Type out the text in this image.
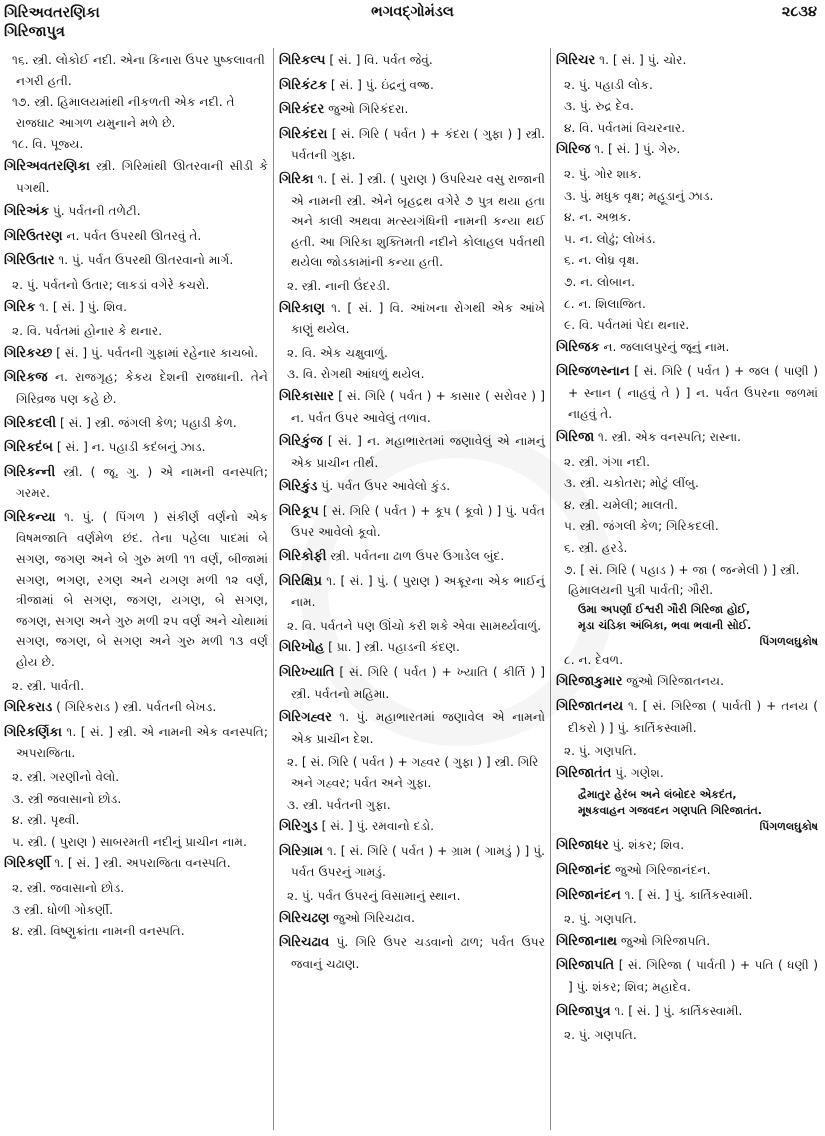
ગિરિઅવતરણિકા
ગિરિજાપુત્ર
ભગવદ્ગોમંડલ	૨૮૩૪
૧૬. સ્ત્રી. લોકોઈ નદી. એના કિનારા ઉપર પુષ્કલાવતી નગરી હતી.
૧૭. સ્ત્રી. હિમાલયમાંથી નીકળતી એક નદી. તે રાજઘાટ આગળ યમુનાને મળે છે.
૧૮. વિ. પૂજ્ય.
ગિરિઅવતરણિકા સ્ત્રી. ગિરિમાંથી ઊતરવાની સીડી કે પગથી.
ગિરિઅંક પું. પર્વતની તળેટી.
ગિરિઉતરણ ન. પર્વત ઉપરથી ઊતરવું તે.
ગિરિઉતાર ૧. પું. પર્વત ઉપરથી ઊતરવાનો માર્ગ.
૨. પું. પર્વતનો ઉતાર; લાકડાં વગેરે કચરો.
ગિરિક ૧. [ સં. ] પું. શિવ.
૨. વિ. પર્વતમાં હોનાર કે થનાર.
ગિરિકચ્છ [ સં. ] પું. પર્વતની ગુફામાં રહેનાર કાચબો.
ગિરિકજ ન. રાજગૃહ; કેકય દેશની રાજધાની. તેને ગિરિવ્રજ પણ કહે છે.
ગિરિકદલી [ સં. ] સ્ત્રી. જંગલી કેળ; પહાડી કેળ.
ગિરિકદંબ [ સં. ] ન. પહાડી કદંબનું ઝાડ.
ગિરિકન્ની સ્ત્રી. ( જૂ. ગુ. ) એ નામની વનસ્પતિ; ગરમર.
ગિરિકન્યા ૧. પું. ( પિંગળ ) સંકીર્ણ વર્ણનો એક વિષમજાતિ વર્ણમેળ છંદ. તેના પહેલા પાદમાં બે સગણ, જગણ અને બે ગુરુ મળી ૧૧ વર્ણ, બીજામાં સગણ, ભગણ, રગણ અને યગણ મળી ૧૨ વર્ણ, ત્રીજામાં બે સગણ, જગણ, યગણ, બે સગણ, જગણ, સગણ અને ગુરુ મળી ૨૫ વર્ણ અને ચોથામાં સગણ, જગણ, બે સગણ અને ગુરુ મળી ૧૩ વર્ણ હોય છે.
૨. સ્ત્રી. પાર્વતી.
ગિરિકરાડ ( ગિરિકરાડ ) સ્ત્રી. પર્વતની બેખડ.
ગિરિકર્ણિકા ૧. [ સં. ] સ્ત્રી. એ નામની એક વનસ્પતિ; અપરાજિતા.
૨. સ્ત્રી. ગરણીનો વેલો.
૩. સ્ત્રી જવાસાનો છોડ.
૪. સ્ત્રી. પૃથ્વી.
૫. સ્ત્રી. ( પુરાણ ) સાબરમતી નદીનું પ્રાચીન નામ.
ગિરિકર્ણી ૧. [ સં. ] સ્ત્રી. અપરાજિતા વનસ્પતિ.
૨. સ્ત્રી. જવાસાનો છોડ.
૩ સ્ત્રી. ધોળી ગોકર્ણી.
૪. સ્ત્રી. વિષ્ણુક્રાંતા નામની વનસ્પતિ.
ગિરિકલ્પ [ સં. ] વિ. પર્વત જેવું.
ગિરિકંટક [ સં. ] પું. ઇંદ્રનું વજ્ર.
ગિરિકંદર જુઓ ગિરિકંદરા.
ગિરિકંદરા [ સં. ગિરિ ( પર્વત ) + કંદરા ( ગુફા ) ] સ્ત્રી. પર્વતની ગુફા.
ગિરિકા ૧. [ સં. ] સ્ત્રી. ( પુરાણ ) ઉપરિચર વસુ રાજાની એ નામની સ્ત્રી. એને બૃહદ્રથ વગેરે ૭ પુત્ર થયા હતા અને કાલી અથવા મત્સ્યગંધિની નામની કન્યા થઈ હતી. આ ગિરિકા શુક્તિમતી નદીને કોલાહલ પર્વતથી થયેલા જોડકામાંની કન્યા હતી.
૨. સ્ત્રી. નાની ઉંદરડી.
ગિરિકાણ ૧. [ સં. ] વિ. આંખના રોગથી એક આંખે કાણું થયેલ.
૨. વિ. એક ચક્ષુવાળું.
૩. વિ. રોગથી આંધળું થયેલ.
ગિરિકાસાર [ સં. ગિરિ ( પર્વત ) + કાસાર ( સરોવર ) ] ન. પર્વત ઉપર આવેલું તળાવ.
ગિરિકુંજ [ સં. ] ન. મહાભારતમાં જણાવેલું એ નામનું એક પ્રાચીન તીર્થ.
ગિરિકુંડ પું. પર્વત ઉપર આવેલો કુંડ.
ગિરિકૂપ [ સં. ગિરિ ( પર્વત ) + કૂપ ( કૂવો ) ] પું. પર્વત ઉપર આવેલો કૂવો.
ગિરિકોફી સ્ત્રી. પર્વતના ઢાળ ઉપર ઉગાડેલ બુંદ.
ગિરિક્ષિપ્ર ૧. [ સં. ] પું. ( પુરાણ ) અક્રૂરના એક ભાઈનું નામ.
૨. વિ. પર્વતને પણ ઊંચો કરી શકે એવા સામર્થ્યવાળું.
ગિરિખોહ [ પ્રા. ] સ્ત્રી. પહાડની કંદણ.
ગિરિખ્યાતિ [ સં. ગિરિ ( પર્વત ) + ખ્યાતિ ( કીર્તિ ) ] સ્ત્રી. પર્વતનો મહિમા.
ગિરિગહ્વર ૧. પું. મહાભારતમાં જણાવેલ એ નામનો એક પ્રાચીન દેશ.
૨. [ સં. ગિરિ ( પર્વત ) + ગહ્વર ( ગુફા ) ] સ્ત્રી. ગિરિ અને ગહ્વર; પર્વત અને ગુફા.
૩. સ્ત્રી. પર્વતની ગુફા.
ગિરિગુડ [ સં. ] પું. રમવાનો દડો.
ગિરિગ્રામ ૧. [ સં. ગિરિ ( પર્વત ) + ગ્રામ ( ગામડું ) ] પું. પર્વત ઉપરનું ગામડું.
૨. પું. પર્વત ઉપરનું વિસામાનું સ્થાન.
ગિરિચઢણ જુઓ ગિરિચઢાવ.
ગિરિચઢાવ પું. ગિરિ ઉપર ચડવાનો ઢાળ; પર્વત ઉપર જવાનું ચઢાણ.
ગિરિચર ૧. [ સં. ] પું. ચોર.
૨. પું. પહાડી લોક.
૩. પું. રુદ્ર દેવ.
૪. વિ. પર્વતમાં વિચરનાર.
ગિરિજ ૧. [ સં. ] પું. ગેરુ.
૨. પું. ગોર શાક.
૩. પું. મધુક વૃક્ષ; મહૂડાનું ઝાડ.
૪. ન. અભ્રક.
૫. ન. લોઢું; લોખંડ.
૬. ન. લોધ્ર વૃક્ષ.
૭. ન. લોબાન.
૮. ન. શિલાજિત.
૯. વિ. પર્વતમાં પેદા થનાર.
ગિરિજક ન. જલાલપુરનું જૂનું નામ.
ગિરિજળસ્નાન [ સં. ગિરિ ( પર્વત ) + જલ ( પાણી ) + સ્નાન ( નાહવું તે ) ] ન. પર્વત ઉપરના જળમાં નાહવું તે.
ગિરિજા ૧. સ્ત્રી. એક વનસ્પતિ; રાસ્ના.
૨. સ્ત્રી. ગંગા નદી.
૩. સ્ત્રી. ચકોતરા; મોટું લીંબુ.
૪. સ્ત્રી. ચમેલી; માલતી.
૫. સ્ત્રી. જંગલી કેળ; ગિરિકદલી.
૬. સ્ત્રી. હરડે.
૭. [ સં. ગિરિ ( પહાડ ) + જા ( જન્મેલી ) ] સ્ત્રી. હિમાલયની પુત્રી પાર્વતી; ગૌરી.
ઉમા અપર્ણા ઈશ્વરી ગૌરી ગિરિજા હોઈ,
મૃડા ચંડિકા અંબિકા, ભવા ભવાની સોઈ.
પિંગળલઘુકોષ
૮. ન. દેવળ.
ગિરિજાકુમાર જુઓ ગિરિજાતનય.
ગિરિજાતનય ૧. [ સં. ગિરિજા ( પાર્વતી ) + તનય ( દીકરો ) ] પું. કાર્તિકસ્વામી.
૨. પું. ગણપતિ.
ગિરિજાતંત પું. ગણેશ.
દ્વૈમાતુર હેરંબ અને લંબોદર એકદંત,
મૂષકવાહન ગજવદન ગણપતિ ગિરિજાતંત.
પિંગળલઘુકોષ
ગિરિજાધર પું. શંકર; શિવ.
ગિરિજાનંદ જુઓ ગિરિજાનંદન.
ગિરિજાનંદન ૧. [ સં. ] પું. કાર્તિકસ્વામી.
૨. પું. ગણપતિ.
ગિરિજાનાથ જુઓ ગિરિજાપતિ.
ગિરિજાપતિ [ સં. ગિરિજા ( પાર્વતી ) + પતિ ( ધણી ) ] પું. શંકર; શિવ; મહાદેવ.
ગિરિજાપુત્ર ૧. [ સં. ] પું. કાર્તિકસ્વામી.
૨. પું. ગણપતિ.
